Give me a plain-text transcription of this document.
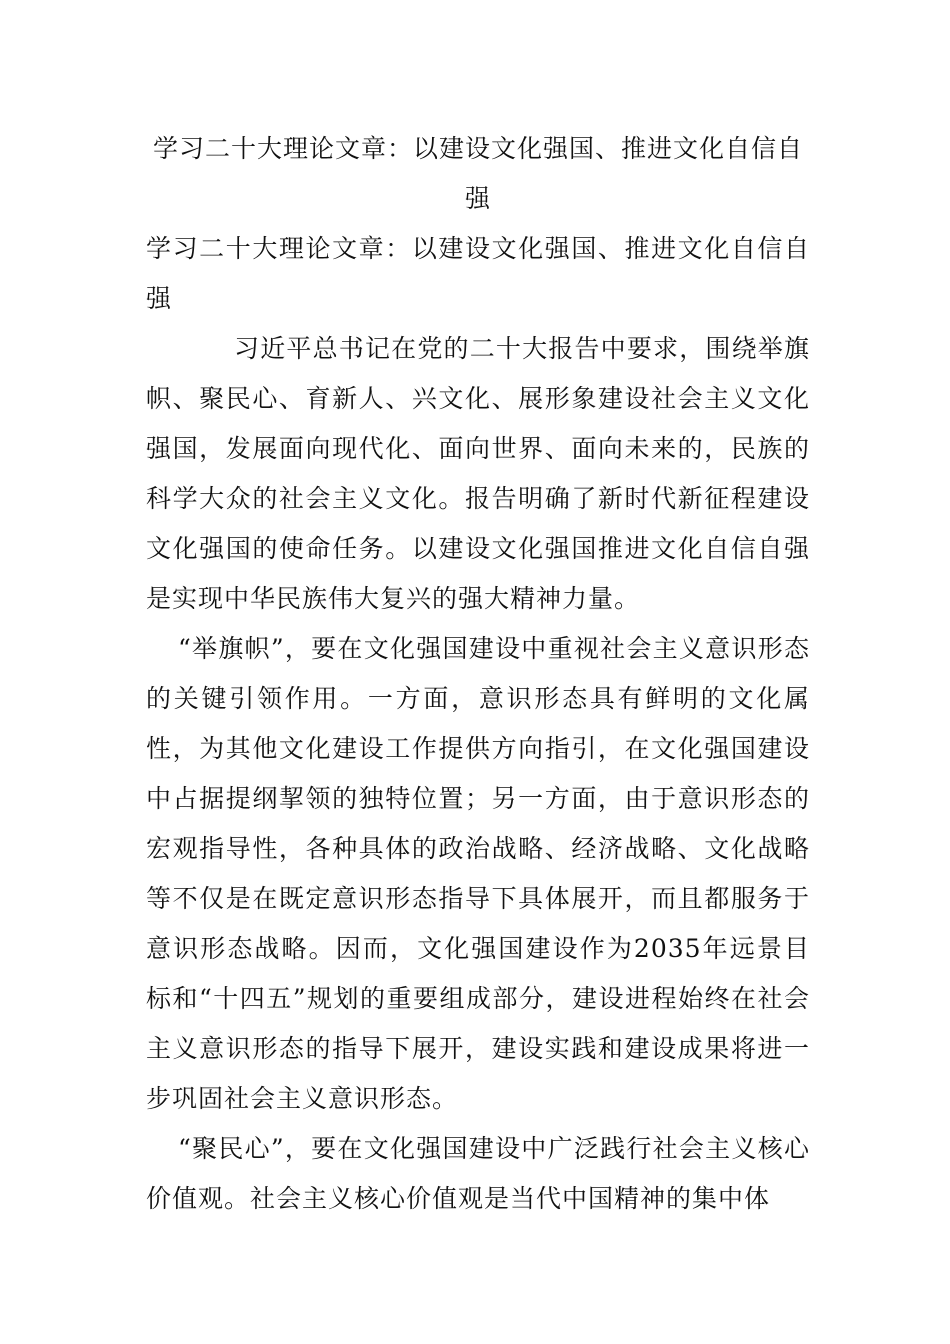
学习二十大理论文章：以建设文化强国、推进文化自信自强
学习二十大理论文章：以建设文化强国、推进文化自信自强

习近平总书记在党的二十大报告中要求，围绕举旗帜、聚民心、育新人、兴文化、展形象建设社会主义文化强国，发展面向现代化、面向世界、面向未来的，民族的科学大众的社会主义文化。报告明确了新时代新征程建设文化强国的使命任务。以建设文化强国推进文化自信自强是实现中华民族伟大复兴的强大精神力量。

“举旗帜”，要在文化强国建设中重视社会主义意识形态的关键引领作用。一方面，意识形态具有鲜明的文化属性，为其他文化建设工作提供方向指引，在文化强国建设中占据提纲挈领的独特位置；另一方面，由于意识形态的宏观指导性，各种具体的政治战略、经济战略、文化战略等不仅是在既定意识形态指导下具体展开，而且都服务于意识形态战略。因而，文化强国建设作为2035年远景目标和“十四五”规划的重要组成部分，建设进程始终在社会主义意识形态的指导下展开，建设实践和建设成果将进一步巩固社会主义意识形态。

“聚民心”，要在文化强国建设中广泛践行社会主义核心价值观。社会主义核心价值观是当代中国精神的集中体
